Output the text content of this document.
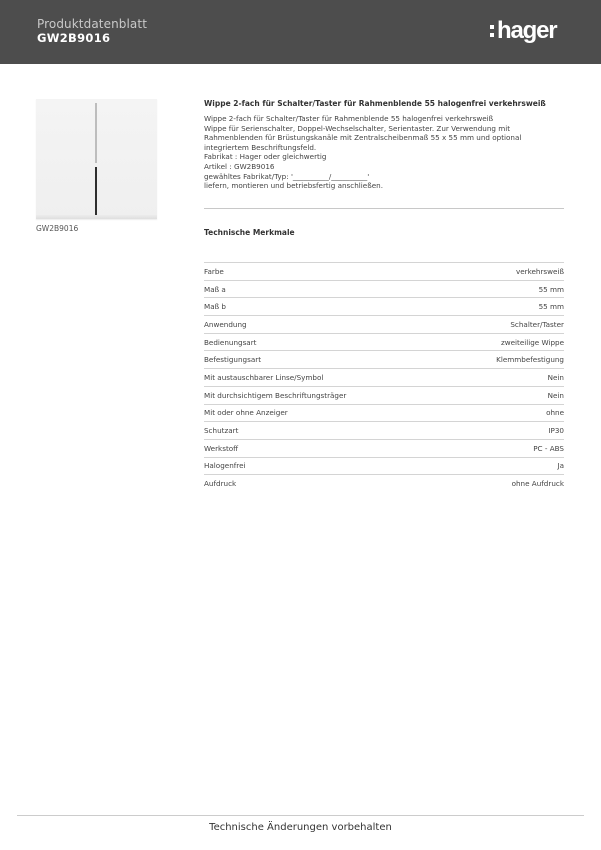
Produktdatenblatt
GW2B9016	hager
GW2B9016
Wippe 2-fach für Schalter/Taster für Rahmenblende 55 halogenfrei verkehrsweiß
Wippe 2-fach für Schalter/Taster für Rahmenblende 55 halogenfrei verkehrsweiß
Wippe für Serienschalter, Doppel-Wechselschalter, Serientaster. Zur Verwendung mit
Rahmenblenden für Brüstungskanäle mit Zentralscheibenmaß 55 x 55 mm und optional
integriertem Beschriftungsfeld.
Fabrikat : Hager oder gleichwertig
Artikel : GW2B9016
gewähltes Fabrikat/Typ: '__________/__________'
liefern, montieren und betriebsfertig anschließen.
Technische Merkmale
Farbe	verkehrsweiß
Maß a	55 mm
Maß b	55 mm
Anwendung	Schalter/Taster
Bedienungsart	zweiteilige Wippe
Befestigungsart	Klemmbefestigung
Mit austauschbarer Linse/Symbol	Nein
Mit durchsichtigem Beschriftungsträger	Nein
Mit oder ohne Anzeiger	ohne
Schutzart	IP30
Werkstoff	PC - ABS
Halogenfrei	Ja
Aufdruck	ohne Aufdruck
Technische Änderungen vorbehalten
